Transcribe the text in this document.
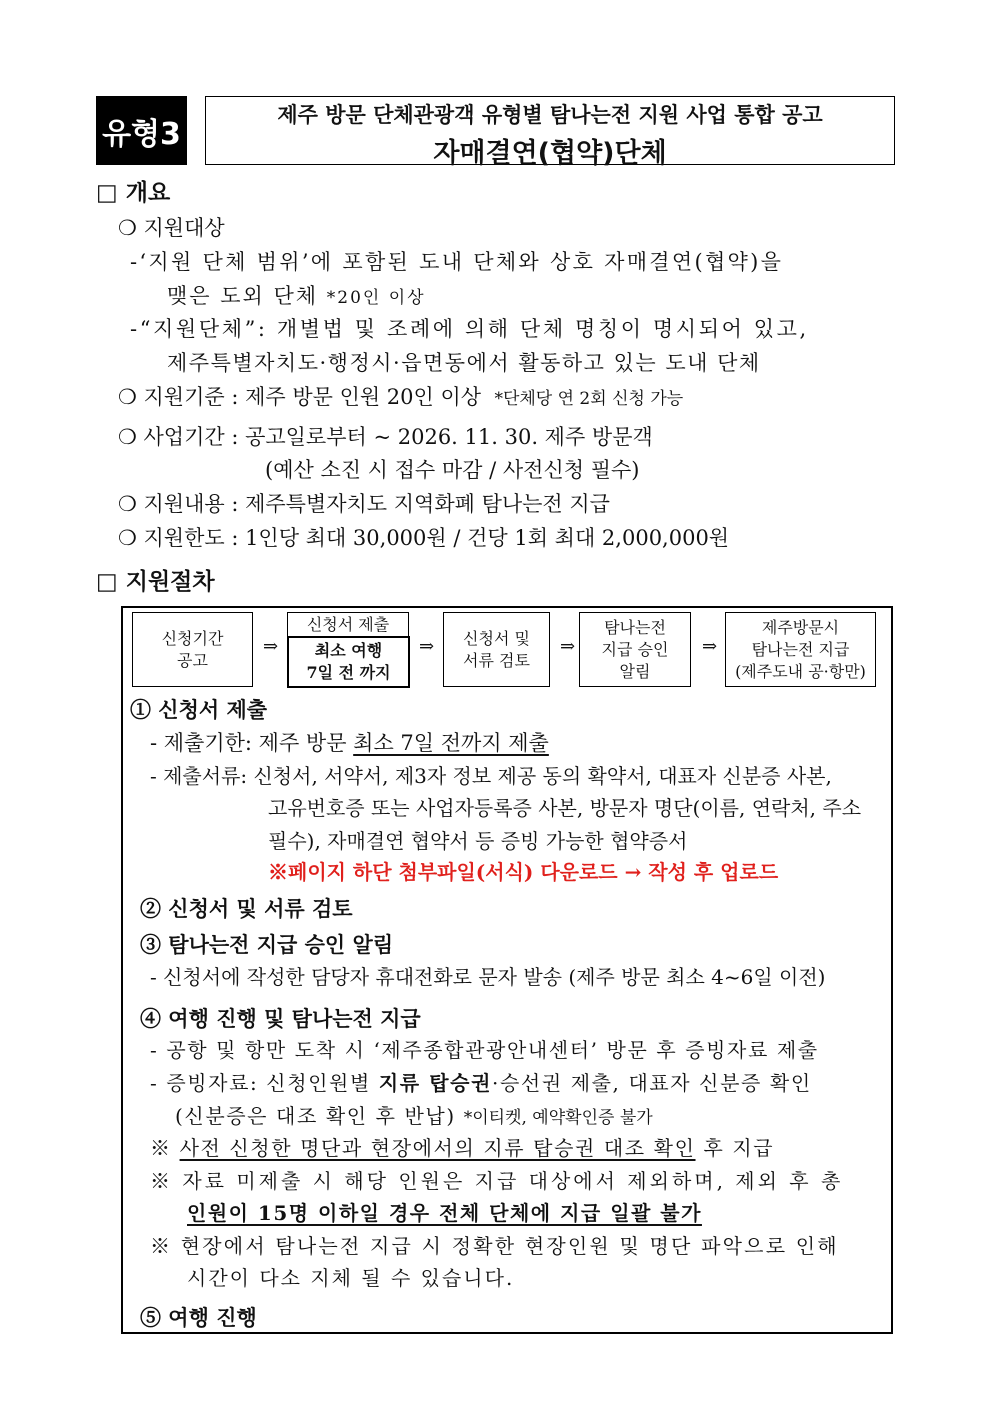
유형3
제주 방문 단체관광객 유형별 탐나는전 지원 사업 통합 공고
자매결연(협약)단체
□ 개요
❍ 지원대상
-‘지원 단체 범위’에 포함된 도내 단체와 상호 자매결연(협약)을
맺은 도외 단체 *20인 이상
-“지원단체”: 개별법 및 조례에 의해 단체 명칭이 명시되어 있고,
제주특별자치도·행정시·읍면동에서 활동하고 있는 도내 단체
❍ 지원기준 : 제주 방문 인원 20인 이상 *단체당 연 2회 신청 가능
❍ 사업기간 : 공고일로부터 ~ 2026. 11. 30. 제주 방문객
(예산 소진 시 접수 마감 / 사전신청 필수)
❍ 지원내용 : 제주특별자치도 지역화폐 탐나는전 지급
❍ 지원한도 : 1인당 최대 30,000원 / 건당 1회 최대 2,000,000원
□ 지원절차
신청기간
공고
⇒
신청서 제출
최소 여행
7일 전 까지
⇒ 신청서 및
서류 검토
⇒
탐나는전
지급 승인
알림
⇒
제주방문시
탐나는전 지급
(제주도내 공·항만)
① 신청서 제출
- 제출기한: 제주 방문 최소 7일 전까지 제출
- 제출서류: 신청서, 서약서, 제3자 정보 제공 동의 확약서, 대표자 신분증 사본,
고유번호증 또는 사업자등록증 사본, 방문자 명단(이름, 연락처, 주소
필수), 자매결연 협약서 등 증빙 가능한 협약증서
※페이지 하단 첨부파일(서식) 다운로드 → 작성 후 업로드
② 신청서 및 서류 검토
③ 탐나는전 지급 승인 알림
- 신청서에 작성한 담당자 휴대전화로 문자 발송 (제주 방문 최소 4~6일 이전)
④ 여행 진행 및 탐나는전 지급
- 공항 및 항만 도착 시 ‘제주종합관광안내센터’ 방문 후 증빙자료 제출
- 증빙자료: 신청인원별 지류 탑승권·승선권 제출, 대표자 신분증 확인
(신분증은 대조 확인 후 반납) *이티켓, 예약확인증 불가
※ 사전 신청한 명단과 현장에서의 지류 탑승권 대조 확인 후 지급
※ 자료 미제출 시 해당 인원은 지급 대상에서 제외하며, 제외 후 총
인원이 15명 이하일 경우 전체 단체에 지급 일괄 불가
※ 현장에서 탐나는전 지급 시 정확한 현장인원 및 명단 파악으로 인해
시간이 다소 지체 될 수 있습니다.
⑤ 여행 진행
